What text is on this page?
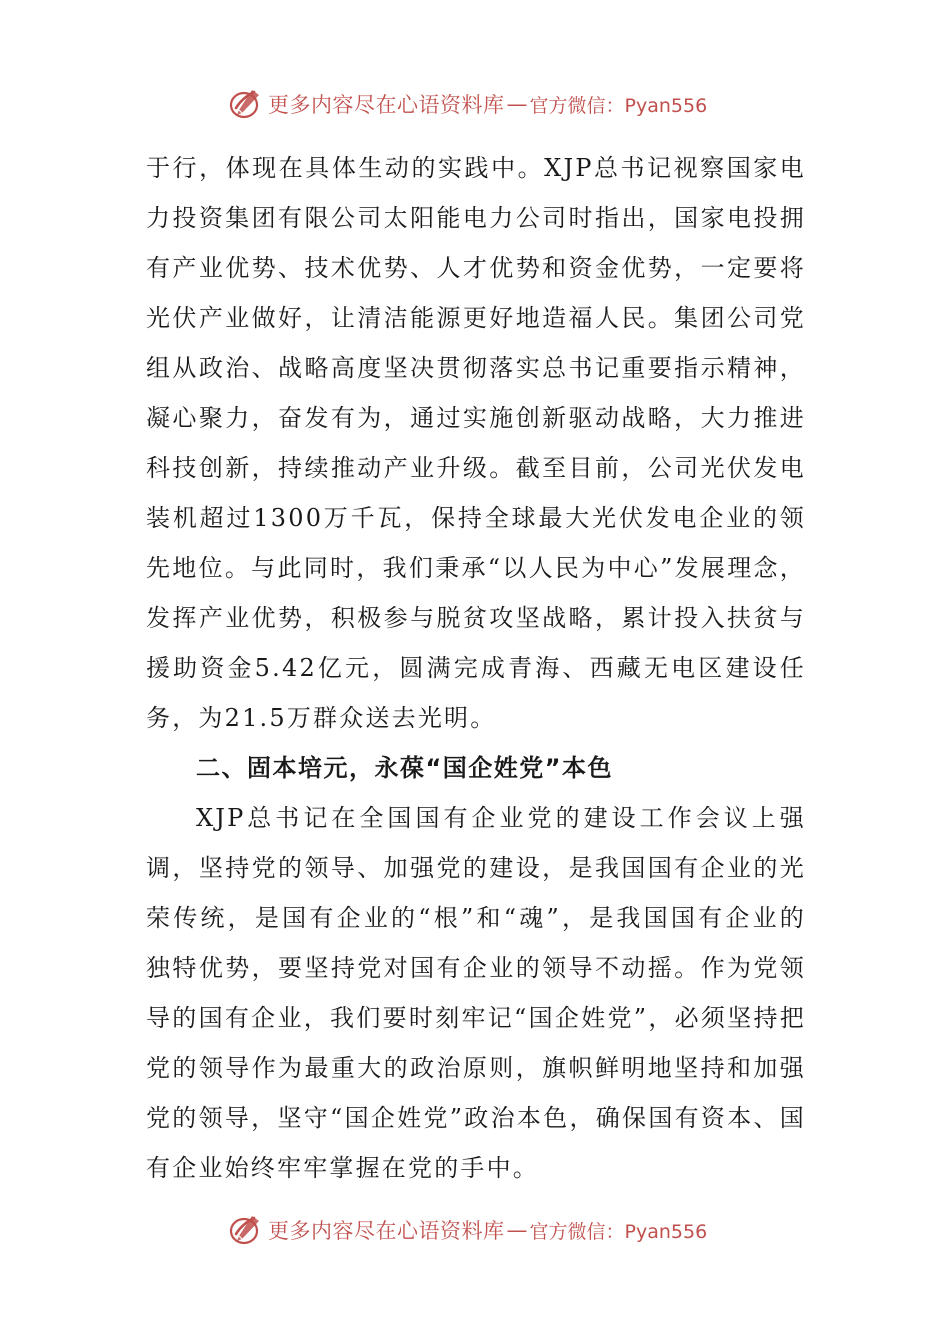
更多内容尽在心语资料库 — 官方微信：Pyan556

于行，体现在具体生动的实践中。XJP总书记视察国家电力投资集团有限公司太阳能电力公司时指出，国家电投拥有产业优势、技术优势、人才优势和资金优势，一定要将光伏产业做好，让清洁能源更好地造福人民。集团公司党组从政治、战略高度坚决贯彻落实总书记重要指示精神，凝心聚力，奋发有为，通过实施创新驱动战略，大力推进科技创新，持续推动产业升级。截至目前，公司光伏发电装机超过1300万千瓦，保持全球最大光伏发电企业的领先地位。与此同时，我们秉承“以人民为中心”发展理念，发挥产业优势，积极参与脱贫攻坚战略，累计投入扶贫与援助资金5.42亿元，圆满完成青海、西藏无电区建设任务，为21.5万群众送去光明。

二、固本培元，永葆“国企姓党”本色

XJP总书记在全国国有企业党的建设工作会议上强调，坚持党的领导、加强党的建设，是我国国有企业的光荣传统，是国有企业的“根”和“魂”，是我国国有企业的独特优势，要坚持党对国有企业的领导不动摇。作为党领导的国有企业，我们要时刻牢记“国企姓党”，必须坚持把党的领导作为最重大的政治原则，旗帜鲜明地坚持和加强党的领导，坚守“国企姓党”政治本色，确保国有资本、国有企业始终牢牢掌握在党的手中。

更多内容尽在心语资料库 — 官方微信：Pyan556
